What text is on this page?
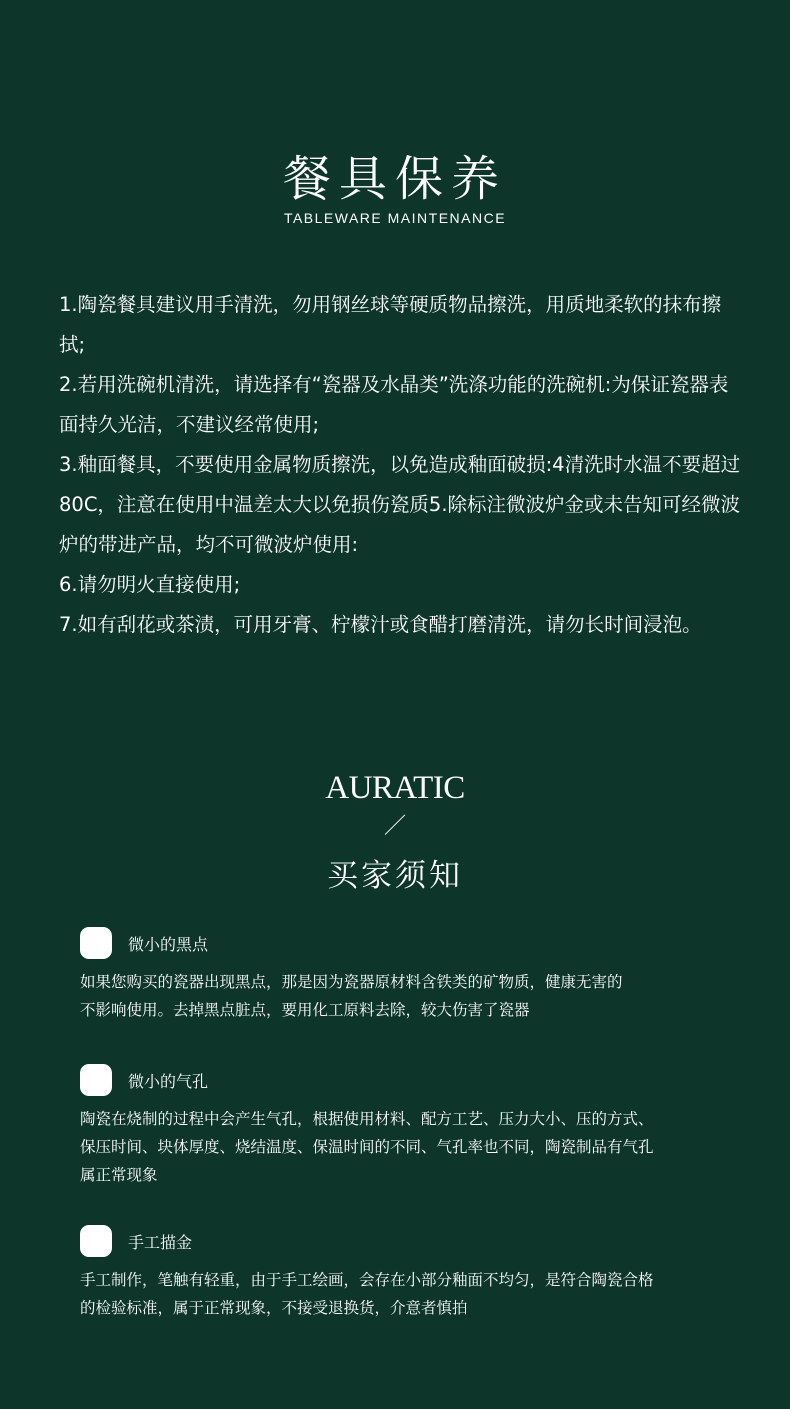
餐具保养
TABLEWARE MAINTENANCE
1.陶瓷餐具建议用手清洗，勿用钢丝球等硬质物品擦洗，用质地柔软的抹布擦拭;
2.若用洗碗机清洗，请选择有“瓷器及水晶类”洗涤功能的洗碗机:为保证瓷器表面持久光洁，不建议经常使用;
3.釉面餐具，不要使用金属物质擦洗，以免造成釉面破损:4清洗时水温不要超过80C，注意在使用中温差太大以免损伤瓷质5.除标注微波炉金或未告知可经微波炉的带进产品，均不可微波炉使用:
6.请勿明火直接使用;
7.如有刮花或茶渍，可用牙膏、柠檬汁或食醋打磨清洗，请勿长时间浸泡。
AURATIC
／
买家须知
微小的黑点

如果您购买的瓷器出现黑点，那是因为瓷器原材料含铁类的矿物质，健康无害的

不影响使用。去掉黑点脏点，要用化工原料去除，较大伤害了瓷器

微小的气孔

陶瓷在烧制的过程中会产生气孔，根据使用材料、配方工艺、压力大小、压的方式、

保压时间、块体厚度、烧结温度、保温时间的不同、气孔率也不同，陶瓷制品有气孔

属正常现象

手工描金

手工制作，笔触有轻重，由于手工绘画，会存在小部分釉面不均匀，是符合陶瓷合格

的检验标准，属于正常现象，不接受退换货，介意者慎拍
